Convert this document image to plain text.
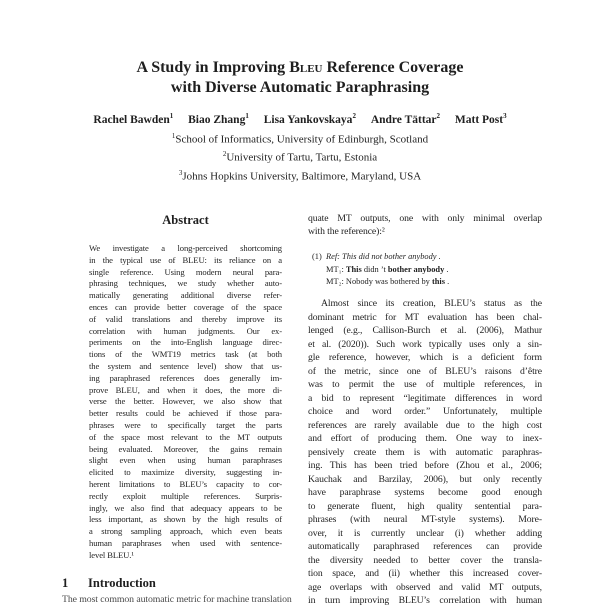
A Study in Improving Bleu Reference Coverage
with Diverse Automatic Paraphrasing
Rachel Bawden$^1$ Biao Zhang$^1$ Lisa Yankovskaya$^2$ Andre Tättar$^2$ Matt Post$^3$
$^1$School of Informatics, University of Edinburgh, Scotland
$^2$University of Tartu, Tartu, Estonia
$^3$Johns Hopkins University, Baltimore, Maryland, USA
Abstract
We investigate a long-perceived shortcoming
in the typical use of BLEU: its reliance on a
single reference. Using modern neural para-
phrasing techniques, we study whether auto-
matically generating additional diverse refer-
ences can provide better coverage of the space
of valid translations and thereby improve its
correlation with human judgments. Our ex-
periments on the into-English language direc-
tions of the WMT19 metrics task (at both
the system and sentence level) show that us-
ing paraphrased references does generally im-
prove BLEU, and when it does, the more di-
verse the better. However, we also show that
better results could be achieved if those para-
phrases were to specifically target the parts
of the space most relevant to the MT outputs
being evaluated. Moreover, the gains remain
slight even when using human paraphrases
elicited to maximize diversity, suggesting in-
herent limitations to BLEU’s capacity to cor-
rectly exploit multiple references. Surpris-
ingly, we also find that adequacy appears to be
less important, as shown by the high results of
a strong sampling approach, which even beats
human paraphrases when used with sentence-
level BLEU.¹
1 Introduction
The most common automatic metric for machine translation
quate MT outputs, one with only minimal overlap
with the reference):²
(1) Ref: This did not bother anybody .
MT₁: This didn ’t bother anybody .
MT₂: Nobody was bothered by this .
Almost since its creation, BLEU’s status as the
dominant metric for MT evaluation has been chal-
lenged (e.g., Callison-Burch et al. (2006), Mathur
et al. (2020)). Such work typically uses only a sin-
gle reference, however, which is a deficient form
of the metric, since one of BLEU’s raisons d’être
was to permit the use of multiple references, in
a bid to represent “legitimate differences in word
choice and word order.” Unfortunately, multiple
references are rarely available due to the high cost
and effort of producing them. One way to inex-
pensively create them is with automatic paraphras-
ing. This has been tried before (Zhou et al., 2006;
Kauchak and Barzilay, 2006), but only recently
have paraphrase systems become good enough
to generate fluent, high quality sentential para-
phrases (with neural MT-style systems). More-
over, it is currently unclear (i) whether adding
automatically paraphrased references can provide
the diversity needed to better cover the transla-
tion space, and (ii) whether this increased cover-
age overlaps with observed and valid MT outputs,
in turn improving BLEU’s correlation with human
